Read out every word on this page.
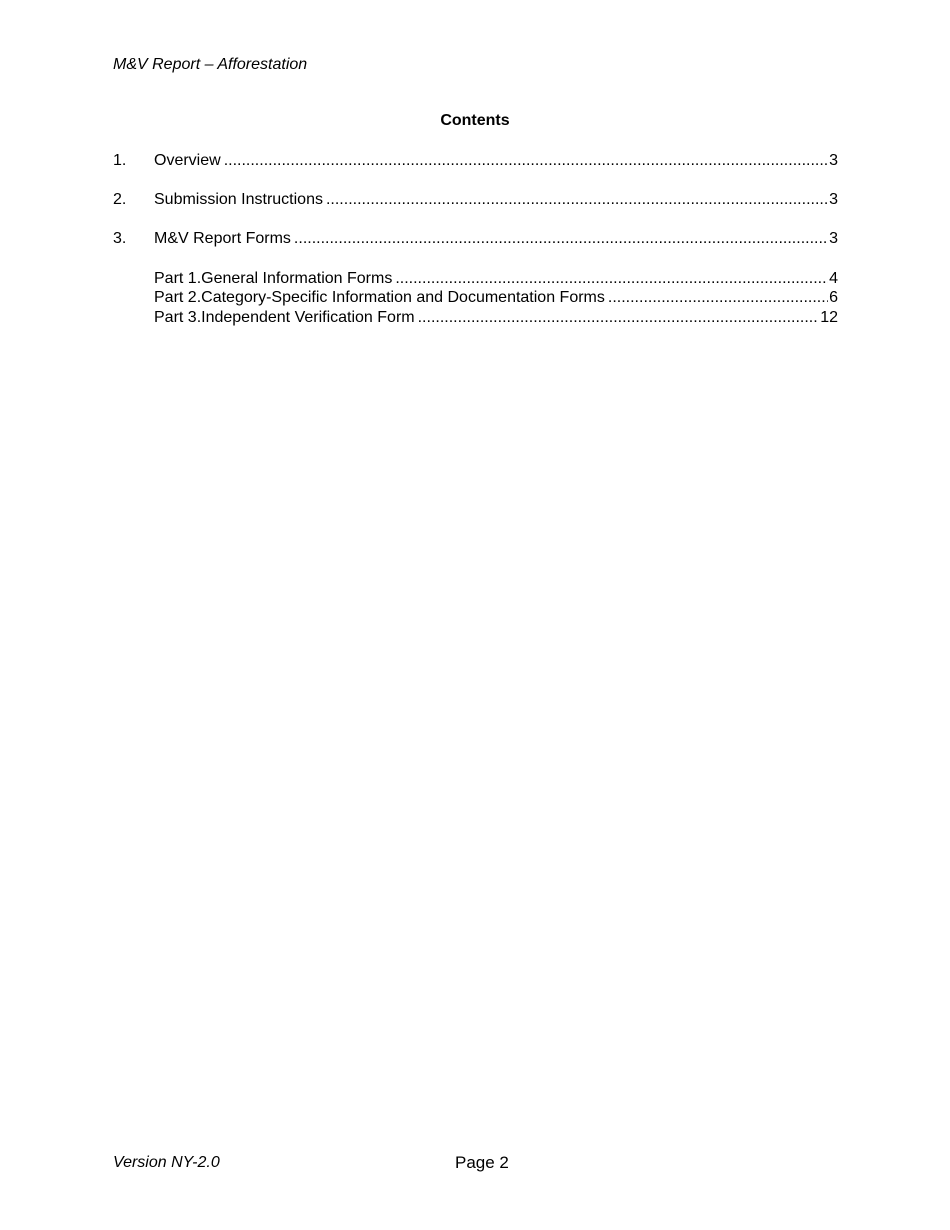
M&V Report – Afforestation
Contents
1. Overview .....	3
2. Submission Instructions .....	3
3. M&V Report Forms .....	3
Part 1. General Information Forms .....	4
Part 2. Category-Specific Information and Documentation Forms .....	6
Part 3. Independent Verification Form .....	12
Version NY-2.0	Page 2
